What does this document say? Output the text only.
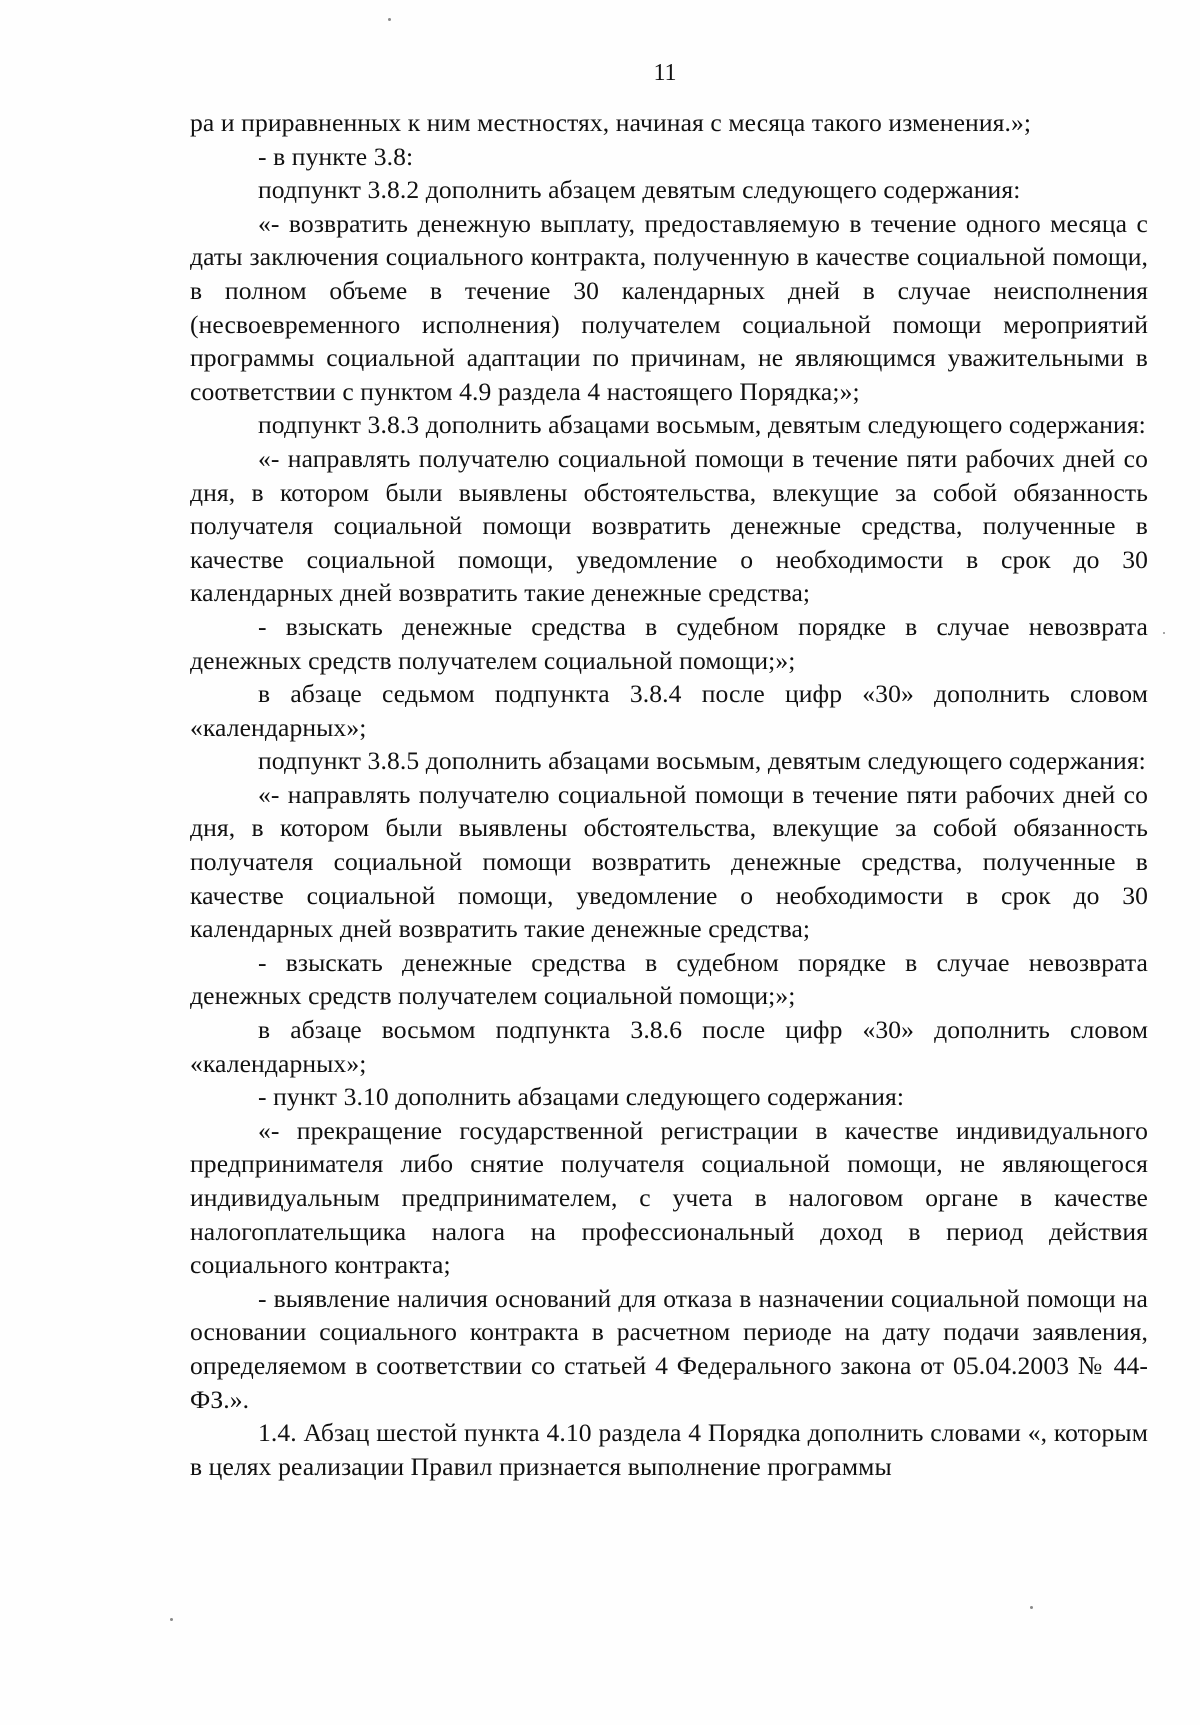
11

ра и приравненных к ним местностях, начиная с месяца такого изменения.»;

- в пункте 3.8:

подпункт 3.8.2 дополнить абзацем девятым следующего содержания:

«- возвратить денежную выплату, предоставляемую в течение одного месяца с даты заключения социального контракта, полученную в качестве социальной помощи, в полном объеме в течение 30 календарных дней в случае неисполнения (несвоевременного исполнения) получателем социальной помощи мероприятий программы социальной адаптации по причинам, не являющимся уважительными в соответствии с пунктом 4.9 раздела 4 настоящего Порядка;»;

подпункт 3.8.3 дополнить абзацами восьмым, девятым следующего содержания:

«- направлять получателю социальной помощи в течение пяти рабочих дней со дня, в котором были выявлены обстоятельства, влекущие за собой обязанность получателя социальной помощи возвратить денежные средства, полученные в качестве социальной помощи, уведомление о необходимости в срок до 30 календарных дней возвратить такие денежные средства;

- взыскать денежные средства в судебном порядке в случае невозврата денежных средств получателем социальной помощи;»;

в абзаце седьмом подпункта 3.8.4 после цифр «30» дополнить словом «календарных»;

подпункт 3.8.5 дополнить абзацами восьмым, девятым следующего содержания:

«- направлять получателю социальной помощи в течение пяти рабочих дней со дня, в котором были выявлены обстоятельства, влекущие за собой обязанность получателя социальной помощи возвратить денежные средства, полученные в качестве социальной помощи, уведомление о необходимости в срок до 30 календарных дней возвратить такие денежные средства;

- взыскать денежные средства в судебном порядке в случае невозврата денежных средств получателем социальной помощи;»;

в абзаце восьмом подпункта 3.8.6 после цифр «30» дополнить словом «календарных»;

- пункт 3.10 дополнить абзацами следующего содержания:

«- прекращение государственной регистрации в качестве индивидуального предпринимателя либо снятие получателя социальной помощи, не являющегося индивидуальным предпринимателем, с учета в налоговом органе в качестве налогоплательщика налога на профессиональный доход в период действия социального контракта;

- выявление наличия оснований для отказа в назначении социальной помощи на основании социального контракта в расчетном периоде на дату подачи заявления, определяемом в соответствии со статьей 4 Федерального закона от 05.04.2003 № 44-ФЗ.».

1.4. Абзац шестой пункта 4.10 раздела 4 Порядка дополнить словами «, которым в целях реализации Правил признается выполнение программы
